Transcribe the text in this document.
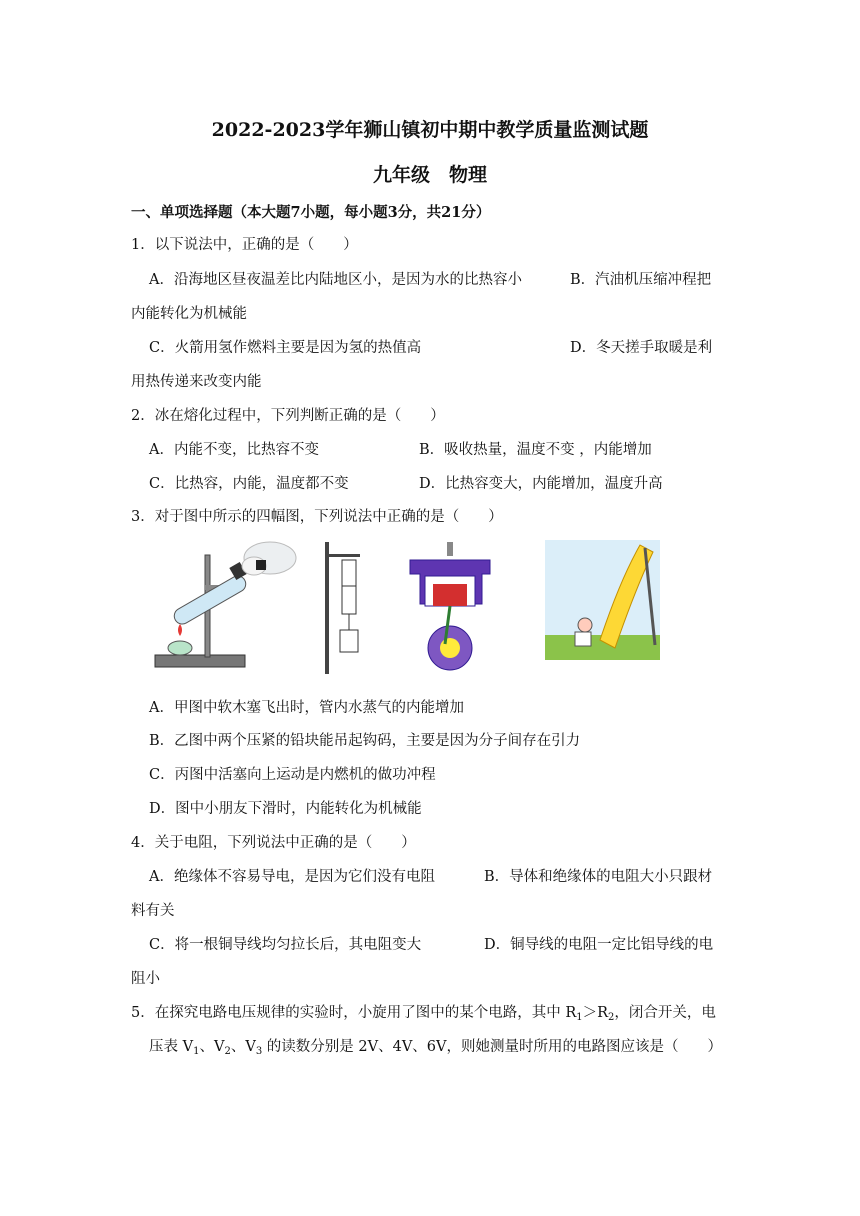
2022-2023学年狮山镇初中期中教学质量监测试题
九年级　物理
一、单项选择题（本大题7小题，每小题3分，共21分）
1．以下说法中，正确的是（　　）
A．沿海地区昼夜温差比内陆地区小，是因为水的比热容小	B．汽油机压缩冲程把
内能转化为机械能
C．火箭用氢作燃料主要是因为氢的热值高	D．冬天搓手取暖是利
用热传递来改变内能
2．冰在熔化过程中，下列判断正确的是（　　）
A．内能不变，比热容不变	B．吸收热量，温度不变 ，内能增加
C．比热容，内能，温度都不变	D．比热容变大，内能增加，温度升高
3．对于图中所示的四幅图，下列说法中正确的是（　　）
A．甲图中软木塞飞出时，管内水蒸气的内能增加
B．乙图中两个压紧的铅块能吊起钩码，主要是因为分子间存在引力
C．丙图中活塞向上运动是内燃机的做功冲程
D．图中小朋友下滑时，内能转化为机械能
4．关于电阻，下列说法中正确的是（　　）
A．绝缘体不容易导电，是因为它们没有电阻	B．导体和绝缘体的电阻大小只跟材
料有关
C．将一根铜导线均匀拉长后，其电阻变大	D．铜导线的电阻一定比铝导线的电
阻小
5．在探究电路电压规律的实验时，小旋用了图中的某个电路，其中 $R_1>R_2$，闭合开关，电
压表 $V_1$、$V_2$、$V_3$ 的读数分别是 2V、4V、6V，则她测量时所用的电路图应该是（　　）
